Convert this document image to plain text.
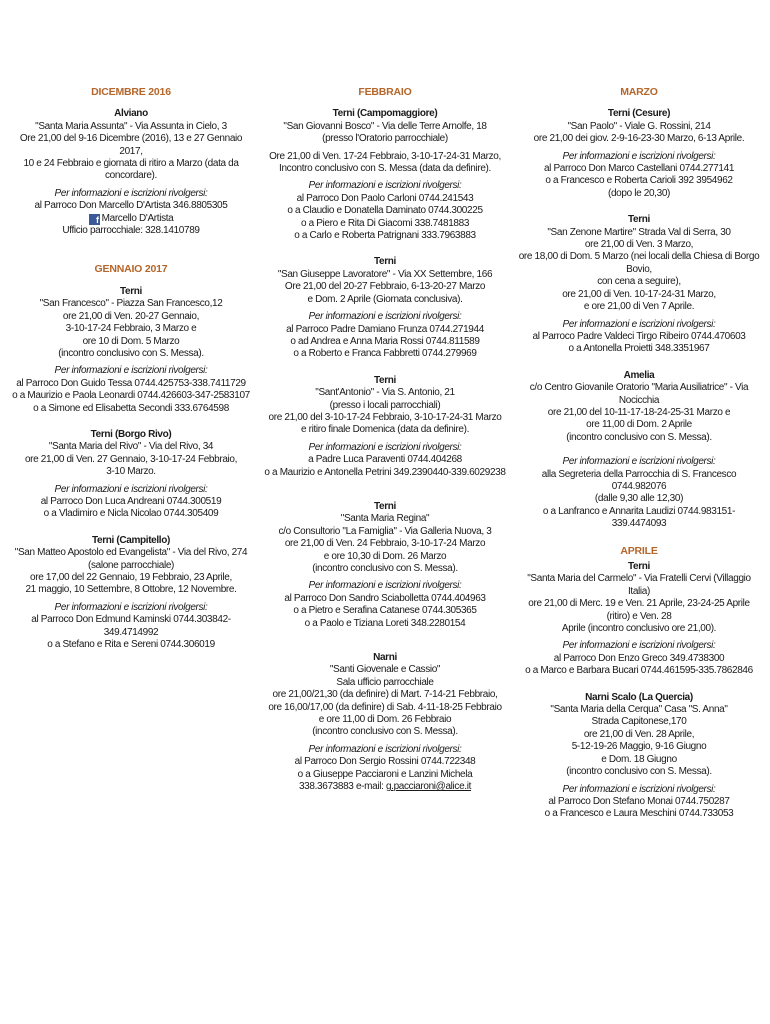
DICEMBRE 2016

Alviano

"Santa Maria Assunta" - Via Assunta in Cielo, 3

Ore 21,00 del 9-16 Dicembre (2016), 13 e 27 Gennaio 2017,

10 e 24 Febbraio e giornata di ritiro a Marzo (data da concordare).

Per informazioni e iscrizioni rivolgersi:

al Parroco Don Marcello D'Artista 346.8805305

f Marcello D'Artista

Ufficio parrocchiale: 328.1410789

GENNAIO 2017

Terni

"San Francesco" - Piazza San Francesco,12

ore 21,00 di Ven. 20-27 Gennaio,

3-10-17-24 Febbraio, 3 Marzo e

ore 10 di Dom. 5 Marzo

(incontro conclusivo con S. Messa).

Per informazioni e iscrizioni rivolgersi:

al Parroco Don Guido Tessa 0744.425753-338.7411729

o a Maurizio e Paola Leonardi 0744.426603-347-2583107

o a Simone ed Elisabetta Secondi 333.6764598

Terni (Borgo Rivo)

"Santa Maria del Rivo" - Via del Rivo, 34

ore 21,00 di Ven. 27 Gennaio, 3-10-17-24 Febbraio,

3-10 Marzo.

Per informazioni e iscrizioni rivolgersi:

al Parroco Don Luca Andreani 0744.300519

o a Vladimiro e Nicla Nicolao 0744.305409

Terni (Campitello)

"San Matteo Apostolo ed Evangelista" - Via del Rivo, 274

(salone parrocchiale)

ore 17,00 del 22 Gennaio, 19 Febbraio, 23 Aprile,

21 maggio, 10 Settembre, 8 Ottobre, 12 Novembre.

Per informazioni e iscrizioni rivolgersi:

al Parroco Don Edmund Kaminski 0744.303842-349.4714992

o a Stefano e Rita e Sereni 0744.306019

FEBBRAIO

Terni (Campomaggiore)

"San Giovanni Bosco" - Via delle Terre Arnolfe, 18

(presso l'Oratorio parrocchiale)

Ore 21,00 di Ven. 17-24 Febbraio, 3-10-17-24-31 Marzo,

Incontro conclusivo con S. Messa (data da definire).

Per informazioni e iscrizioni rivolgersi:

al Parroco Don Paolo Carloni 0744.241543

o a Claudio e Donatella Daminato 0744.300225

o a Piero e Rita Di Giacomi 338.7481883

o a Carlo e Roberta Patrignani 333.7963883

Terni

"San Giuseppe Lavoratore" - Via XX Settembre, 166

Ore 21,00 del 20-27 Febbraio, 6-13-20-27 Marzo

e Dom. 2 Aprile (Giornata conclusiva).

Per informazioni e iscrizioni rivolgersi:

al Parroco Padre Damiano Frunza 0744.271944

o ad Andrea e Anna Maria Rossi 0744.811589

o a Roberto e Franca Fabbretti 0744.279969

Terni

"Sant'Antonio" - Via S. Antonio, 21

(presso i locali parrocchiali)

ore 21,00 del 3-10-17-24 Febbraio, 3-10-17-24-31 Marzo

e ritiro finale Domenica (data da definire).

Per informazioni e iscrizioni rivolgersi:

a Padre Luca Paraventi 0744.404268

o a Maurizio e Antonella Petrini 349.2390440-339.6029238

Terni

"Santa Maria Regina"

c/o Consultorio "La Famiglia" - Via Galleria Nuova, 3

ore 21,00 di Ven. 24 Febbraio, 3-10-17-24 Marzo

e ore 10,30 di Dom. 26 Marzo

(incontro conclusivo con S. Messa).

Per informazioni e iscrizioni rivolgersi:

al Parroco Don Sandro Sciabolletta 0744.404963

o a Pietro e Serafina Catanese 0744.305365

o a Paolo e Tiziana Loreti 348.2280154

Narni

"Santi Giovenale e Cassio"

Sala ufficio parrocchiale

ore 21,00/21,30 (da definire) di Mart. 7-14-21 Febbraio,

ore 16,00/17,00 (da definire) di Sab. 4-11-18-25 Febbraio

e ore 11,00 di Dom. 26 Febbraio

(incontro conclusivo con S. Messa).

Per informazioni e iscrizioni rivolgersi:

al Parroco Don Sergio Rossini 0744.722348

o a Giuseppe Pacciaroni e Lanzini Michela

338.3673883 e-mail: g.pacciaroni@alice.it

MARZO

Terni (Cesure)

"San Paolo" - Viale G. Rossini, 214

ore 21,00 dei giov. 2-9-16-23-30 Marzo, 6-13 Aprile.

Per informazioni e iscrizioni rivolgersi:

al Parroco Don Marco Castellani 0744.277141

o a Francesco e Roberta Carioli 392 3954962

(dopo le 20,30)

Terni

"San Zenone Martire" Strada Val di Serra, 30

ore 21,00 di Ven. 3 Marzo,

ore 18,00 di Dom. 5 Marzo (nei locali della Chiesa di Borgo Bovio,

con cena a seguire),

ore 21,00 di Ven. 10-17-24-31 Marzo,

e ore 21,00 di Ven 7 Aprile.

Per informazioni e iscrizioni rivolgersi:

al Parroco Padre Valdeci Tirgo Ribeiro 0744.470603

o a Antonella Proietti 348.3351967

Amelia

c/o Centro Giovanile Oratorio "Maria Ausiliatrice" - Via Nocicchia

ore 21,00 del 10-11-17-18-24-25-31 Marzo e

ore 11,00 di Dom. 2 Aprile

(incontro conclusivo con S. Messa).

Per informazioni e iscrizioni rivolgersi:

alla Segreteria della Parrocchia di S. Francesco 0744.982076

(dalle 9,30 alle 12,30)

o a Lanfranco e Annarita Laudizi 0744.983151-339.4474093

APRILE

Terni

"Santa Maria del Carmelo" - Via Fratelli Cervi (Villaggio Italia)

ore 21,00 di Merc. 19 e Ven. 21 Aprile, 23-24-25 Aprile (ritiro) e Ven. 28

Aprile (incontro conclusivo ore 21,00).

Per informazioni e iscrizioni rivolgersi:

al Parroco Don Enzo Greco 349.4738300

o a Marco e Barbara Bucari 0744.461595-335.7862846

Narni Scalo (La Quercia)

"Santa Maria della Cerqua" Casa "S. Anna"

Strada Capitonese,170

ore 21,00 di Ven. 28 Aprile,

5-12-19-26 Maggio, 9-16 Giugno

e Dom. 18 Giugno

(incontro conclusivo con S. Messa).

Per informazioni e iscrizioni rivolgersi:

al Parroco Don Stefano Monai 0744.750287

o a Francesco e Laura Meschini 0744.733053
